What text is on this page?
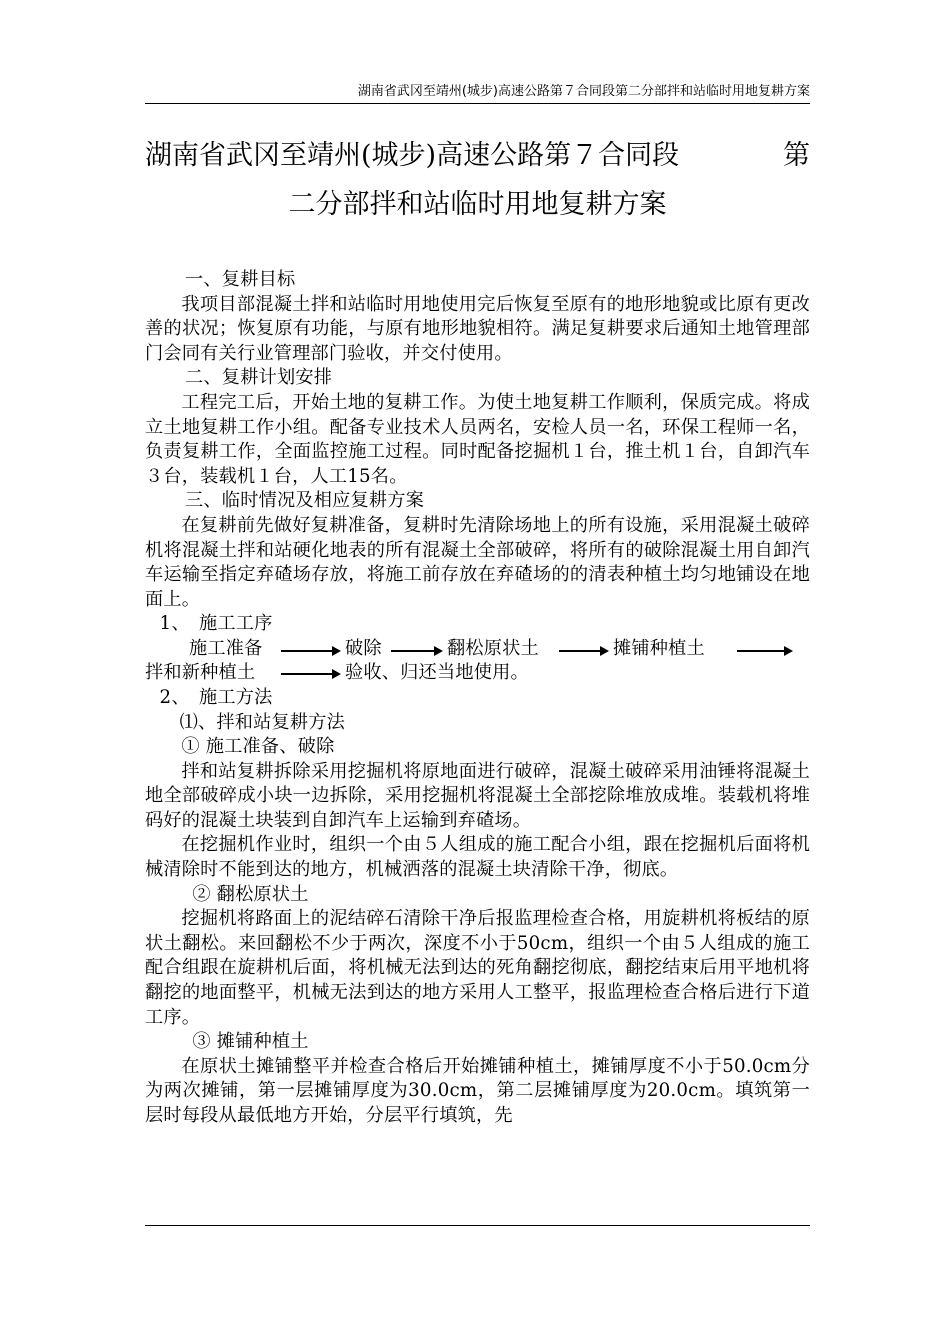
湖南省武冈至靖州(城步)高速公路第７合同段第二分部拌和站临时用地复耕方案
湖南省武冈至靖州(城步)高速公路第７合同段	第
二分部拌和站临时用地复耕方案

一、复耕目标

我项目部混凝土拌和站临时用地使用完后恢复至原有的地形地貌或比原有更改善的状况；恢复原有功能，与原有地形地貌相符。满足复耕要求后通知土地管理部门会同有关行业管理部门验收，并交付使用。

二、复耕计划安排

工程完工后，开始土地的复耕工作。为使土地复耕工作顺利，保质完成。将成立土地复耕工作小组。配备专业技术人员两名，安检人员一名，环保工程师一名，负责复耕工作，全面监控施工过程。同时配备挖掘机１台，推土机１台，自卸汽车３台，装载机１台，人工15名。

三、临时情况及相应复耕方案

在复耕前先做好复耕准备，复耕时先清除场地上的所有设施，采用混凝土破碎机将混凝土拌和站硬化地表的所有混凝土全部破碎，将所有的破除混凝土用自卸汽车运输至指定弃碴场存放，将施工前存放在弃碴场的的清表种植土均匀地铺设在地面上。

1、　施工工序

施工准备	破除	翻松原状土	摊铺种植土
拌和新种植土	验收、归还当地使用。

2、　施工方法

⑴、拌和站复耕方法

① 施工准备、破除

拌和站复耕拆除采用挖掘机将原地面进行破碎，混凝土破碎采用油锤将混凝土地全部破碎成小块一边拆除，采用挖掘机将混凝土全部挖除堆放成堆。装载机将堆码好的混凝土块装到自卸汽车上运输到弃碴场。

在挖掘机作业时，组织一个由５人组成的施工配合小组，跟在挖掘机后面将机械清除时不能到达的地方，机械洒落的混凝土块清除干净，彻底。

② 翻松原状土

挖掘机将路面上的泥结碎石清除干净后报监理检查合格，用旋耕机将板结的原状土翻松。来回翻松不少于两次，深度不小于50cm，组织一个由５人组成的施工配合组跟在旋耕机后面，将机械无法到达的死角翻挖彻底，翻挖结束后用平地机将翻挖的地面整平，机械无法到达的地方采用人工整平，报监理检查合格后进行下道工序。

③ 摊铺种植土

在原状土摊铺整平并检查合格后开始摊铺种植土，摊铺厚度不小于50.0cm分为两次摊铺，第一层摊铺厚度为30.0cm，第二层摊铺厚度为20.0cm。填筑第一层时每段从最低地方开始，分层平行填筑，先
